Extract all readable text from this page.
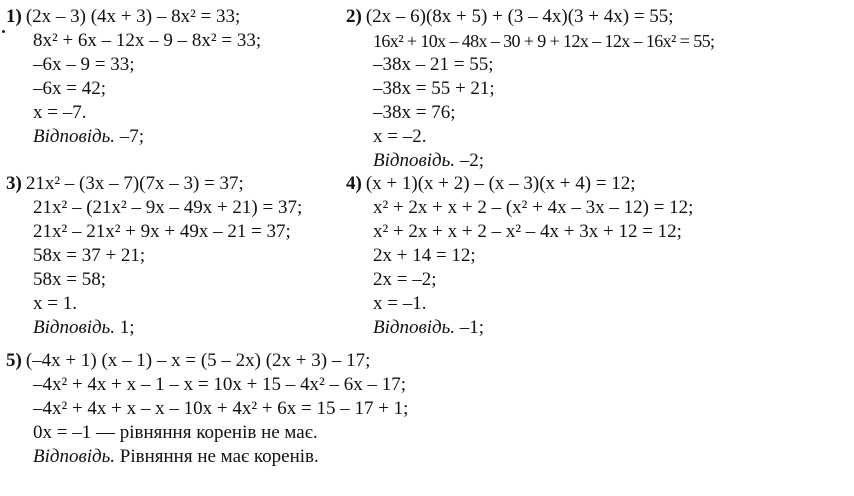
1) (2x – 3) (4x + 3) – 8x² = 33;
8x² + 6x – 12x – 9 – 8x² = 33;
–6x – 9 = 33;
–6x = 42;
x = –7.
Відповідь. –7;
2) (2x – 6)(8x + 5) + (3 – 4x)(3 + 4x) = 55;
16x² + 10x – 48x – 30 + 9 + 12x – 12x – 16x² = 55;
–38x – 21 = 55;
–38x = 55 + 21;
–38x = 76;
x = –2.
Відповідь. –2;
3) 21x² – (3x – 7)(7x – 3) = 37;
21x² – (21x² – 9x – 49x + 21) = 37;
21x² – 21x² + 9x + 49x – 21 = 37;
58x = 37 + 21;
58x = 58;
x = 1.
Відповідь. 1;
4) (x + 1)(x + 2) – (x – 3)(x + 4) = 12;
x² + 2x + x + 2 – (x² + 4x – 3x – 12) = 12;
x² + 2x + x + 2 – x² – 4x + 3x + 12 = 12;
2x + 14 = 12;
2x = –2;
x = –1.
Відповідь. –1;
5) (–4x + 1) (x – 1) – x = (5 – 2x) (2x + 3) – 17;
–4x² + 4x + x – 1 – x = 10x + 15 – 4x² – 6x – 17;
–4x² + 4x + x – x – 10x + 4x² + 6x = 15 – 17 + 1;
0x = –1 — рівняння коренів не має.
Відповідь. Рівняння не має коренів.
